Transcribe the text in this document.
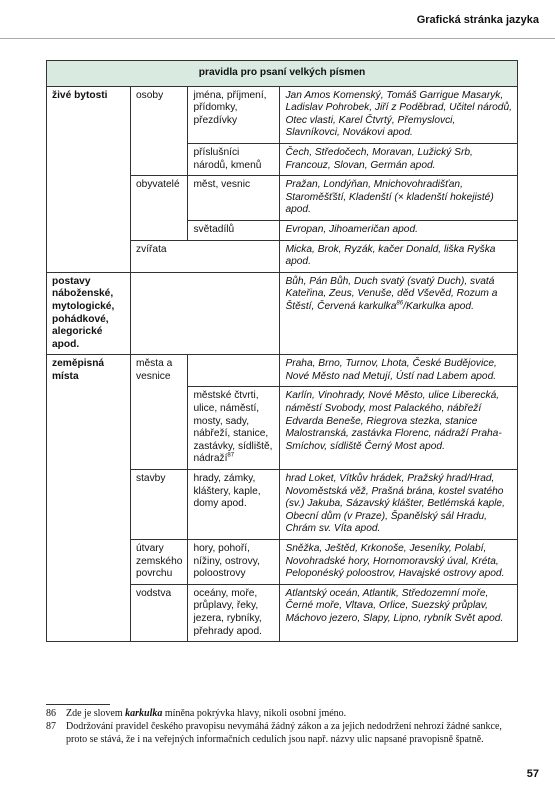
Grafická stránka jazyka
pravidla pro psaní velkých písmen			
živé bytosti	osoby	jména, příjmení, přídomky, přezdívky	Jan Amos Komenský, Tomáš Garrigue Masaryk, Ladislav Pohrobek, Jiří z Poděbrad, Učitel národů, Otec vlasti, Karel Čtvrtý, Přemyslovci, Slavníkovci, Novákovi apod.
		příslušníci národů, kmenů	Čech, Středočech, Moravan, Lužický Srb, Francouz, Slovan, Germán apod.
	obyvatelé	měst, vesnic	Pražan, Londýňan, Mnichovohradišťan, Staroměšťští, Kladenští (× kladenští hokejisté) apod.
		světadílů	Evropan, Jihoameričan apod.
	zvířata		Micka, Brok, Ryzák, kačer Donald, liška Ryška apod.
postavy náboženské, mytologické, pohádkové, alegorické apod.			Bůh, Pán Bůh, Duch svatý (svatý Duch), svatá Kateřina, Zeus, Venuše, děd Vševěd, Rozum a Štěstí, Červená karkulka$^{86}$/Karkulka apod.
zeměpisná místa	města a vesnice		Praha, Brno, Turnov, Lhota, České Budějovice, Nové Město nad Metují, Ústí nad Labem apod.
		městské čtvrti, ulice, náměstí, mosty, sady, nábřeží, stanice, zastávky, sídliště, nádraží$^{87}$	Karlín, Vinohrady, Nové Město, ulice Liberecká, náměstí Svobody, most Palackého, nábřeží Edvarda Beneše, Riegrova stezka, stanice Malostranská, zastávka Florenc, nádraží Praha-Smíchov, sídliště Černý Most apod.
	stavby	hrady, zámky, kláštery, kaple, domy apod.	hrad Loket, Vítkův hrádek, Pražský hrad/Hrad, Novoměstská věž, Prašná brána, kostel svatého (sv.) Jakuba, Sázavský klášter, Betlémská kaple, Obecní dům (v Praze), Španělský sál Hradu, Chrám sv. Víta apod.
	útvary zemského povrchu	hory, pohoří, nížiny, ostrovy, poloostrovy	Sněžka, Ještěd, Krkonoše, Jeseníky, Polabí, Novohradské hory, Hornomoravský úval, Kréta, Peloponéský poloostrov, Havajské ostrovy apod.
	vodstva	oceány, moře, průplavy, řeky, jezera, rybníky, přehrady apod.	Atlantský oceán, Atlantik, Středozemní moře, Černé moře, Vltava, Orlice, Suezský průplav, Máchovo jezero, Slapy, Lipno, rybník Svět apod.
86	Zde je slovem karkulka míněna pokrývka hlavy, nikoli osobní jméno.
87	Dodržování pravidel českého pravopisu nevymáhá žádný zákon a za jejich nedodržení nehrozí žádné sankce, proto se stává, že i na veřejných informačních cedulích jsou např. názvy ulic napsané pravopisně špatně.
57
